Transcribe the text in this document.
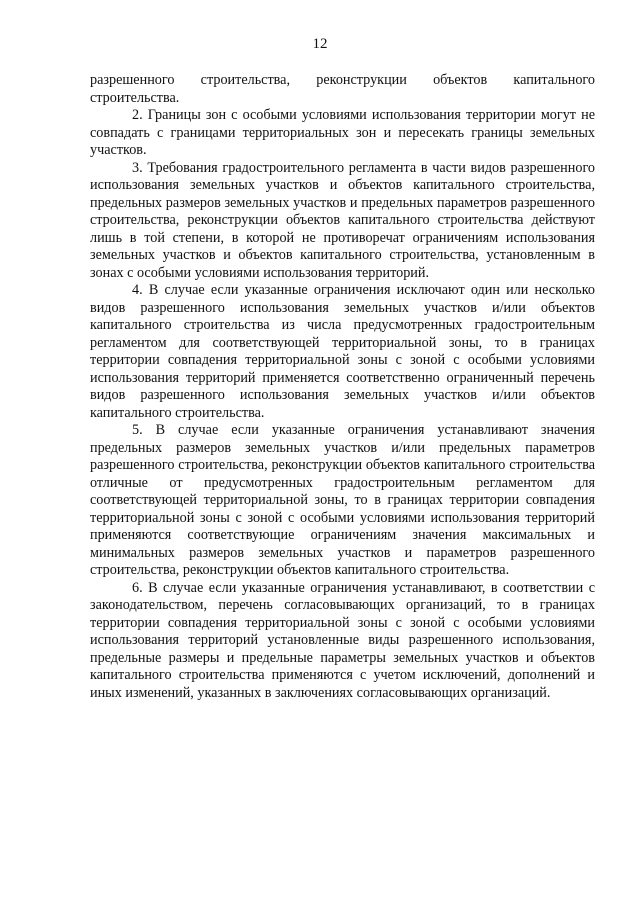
12

разрешенного строительства, реконструкции объектов капитального строительства.

2. Границы зон с особыми условиями использования территории могут не совпадать с границами территориальных зон и пересекать границы земельных участков.

3. Требования градостроительного регламента в части видов разрешенного использования земельных участков и объектов капитального строительства, предельных размеров земельных участков и предельных параметров разрешенного строительства, реконструкции объектов капитального строительства действуют лишь в той степени, в которой не противоречат ограничениям использования земельных участков и объектов капитального строительства, установленным в зонах с особыми условиями использования территорий.

4. В случае если указанные ограничения исключают один или несколько видов разрешенного использования земельных участков и/или объектов капитального строительства из числа предусмотренных градостроительным регламентом для соответствующей территориальной зоны, то в границах территории совпадения территориальной зоны с зоной с особыми условиями использования территорий применяется соответственно ограниченный перечень видов разрешенного использования земельных участков и/или объектов капитального строительства.

5. В случае если указанные ограничения устанавливают значения предельных размеров земельных участков и/или предельных параметров разрешенного строительства, реконструкции объектов капитального строительства отличные от предусмотренных градостроительным регламентом для соответствующей территориальной зоны, то в границах территории совпадения территориальной зоны с зоной с особыми условиями использования территорий применяются соответствующие ограничениям значения максимальных и минимальных размеров земельных участков и параметров разрешенного строительства, реконструкции объектов капитального строительства.

6. В случае если указанные ограничения устанавливают, в соответствии с законодательством, перечень согласовывающих организаций, то в границах территории совпадения территориальной зоны с зоной с особыми условиями использования территорий установленные виды разрешенного использования, предельные размеры и предельные параметры земельных участков и объектов капитального строительства применяются с учетом исключений, дополнений и иных изменений, указанных в заключениях согласовывающих организаций.
